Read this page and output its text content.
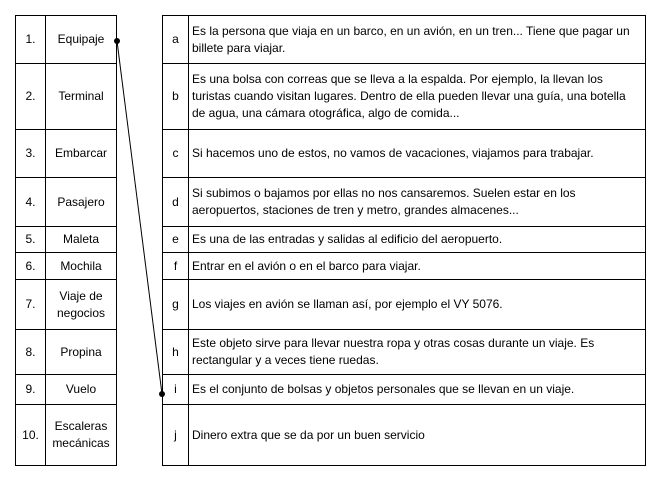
1.	Equipaje
2.	Terminal
3.	Embarcar
4.	Pasajero
5.	Maleta
6.	Mochila
7.	Viaje de negocios
8.	Propina
9.	Vuelo
10.	Escaleras mecánicas
a	Es la persona que viaja en un barco, en un avión, en un tren... Tiene que pagar un billete para viajar.
b	Es una bolsa con correas que se lleva a la espalda. Por ejemplo, la llevan los turistas cuando visitan lugares. Dentro de ella pueden llevar una guía, una botella de agua, una cámara otográfica, algo de comida...
c	Si hacemos uno de estos, no vamos de vacaciones, viajamos para trabajar.
d	Si subimos o bajamos por ellas no nos cansaremos. Suelen estar en los aeropuertos, staciones de tren y metro, grandes almacenes...
e	Es una de las entradas y salidas al edificio del aeropuerto.
f	Entrar en el avión o en el barco para viajar.
g	Los viajes en avión se llaman así, por ejemplo el VY 5076.
h	Este objeto sirve para llevar nuestra ropa y otras cosas durante un viaje. Es rectangular y a veces tiene ruedas.
i	Es el conjunto de bolsas y objetos personales que se llevan en un viaje.
j	Dinero extra que se da por un buen servicio
